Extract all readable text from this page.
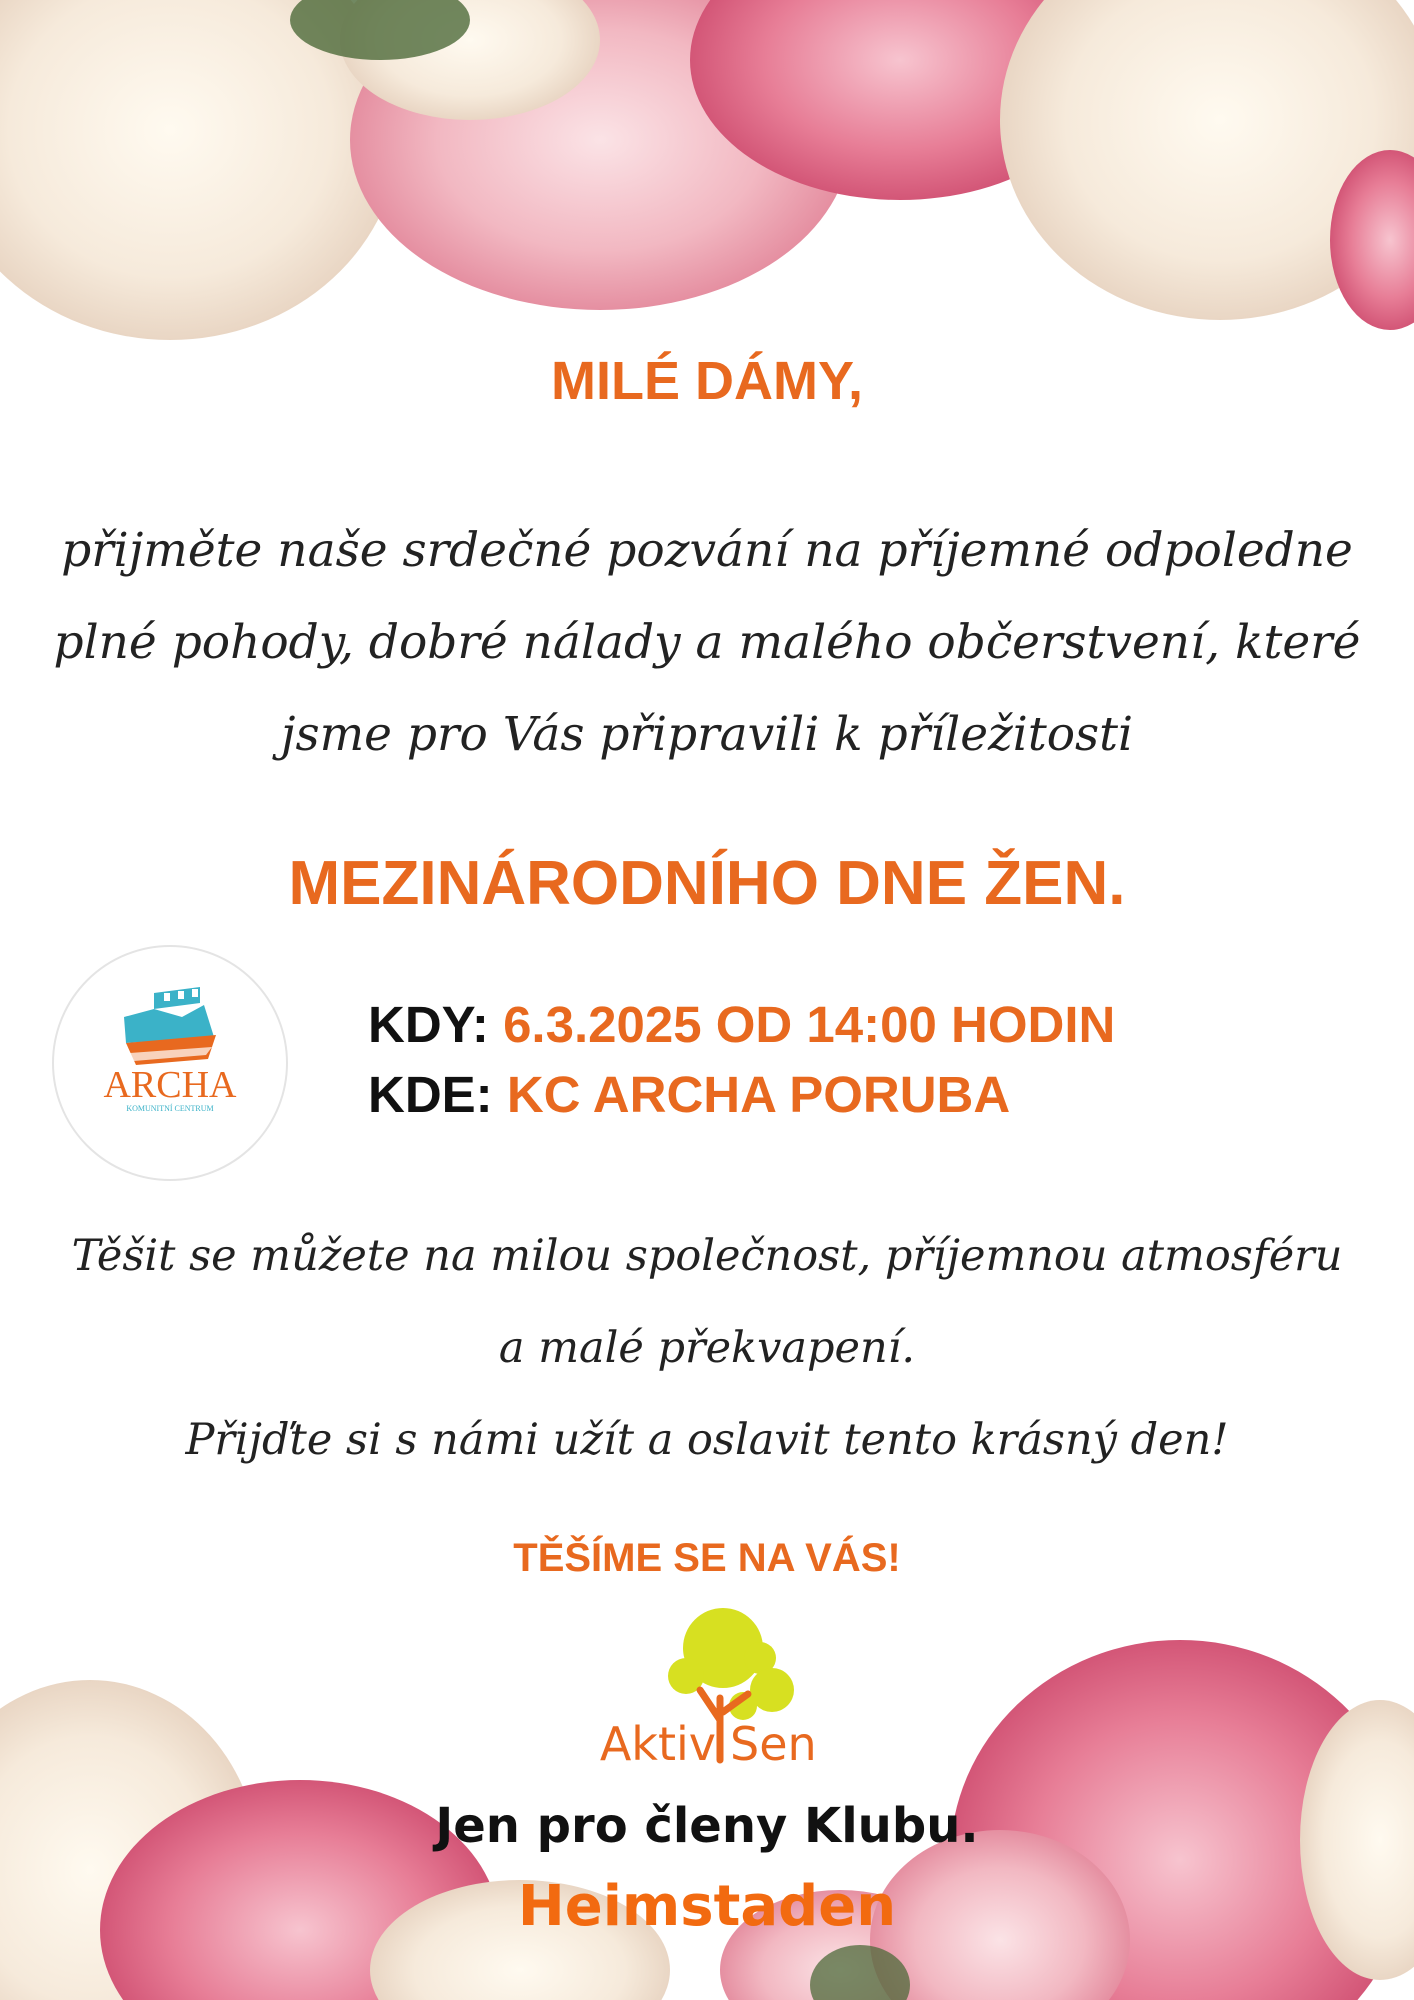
MILÉ DÁMY,
přijměte naše srdečné pozvání na příjemné odpoledne
plné pohody, dobré nálady a malého občerstvení, které
jsme pro Vás připravili k příležitosti
MEZINÁRODNÍHO DNE ŽEN.
ARCHA
KOMUNITNÍ CENTRUM
KDY: 6.3.2025 OD 14:00 HODIN
KDE: KC ARCHA PORUBA
Těšit se můžete na milou společnost, příjemnou atmosféru
a malé překvapení.
Přijďte si s námi užít a oslavit tento krásný den!
TĚŠÍME SE NA VÁS!
Aktiv Sen
Jen pro členy Klubu.
Heimstaden
